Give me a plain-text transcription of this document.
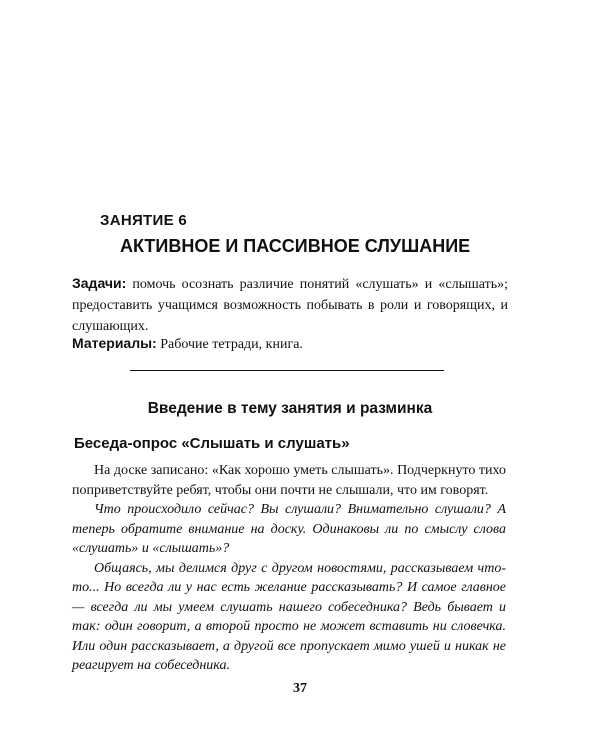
ЗАНЯТИЕ 6
АКТИВНОЕ И ПАССИВНОЕ СЛУШАНИЕ
Задачи: помочь осознать различие понятий «слушать» и «слышать»; предоставить учащимся возможность побывать в роли и говорящих, и слушающих.
Материалы: Рабочие тетради, книга.
Введение в тему занятия и разминка
Беседа-опрос «Слышать и слушать»

На доске записано: «Как хорошо уметь слышать». Подчеркнуто тихо поприветствуйте ребят, чтобы они почти не слышали, что им говорят.

Что происходило сейчас? Вы слушали? Внимательно слушали? А теперь обратите внимание на доску. Одинаковы ли по смыслу слова «слушать» и «слышать»?

Общаясь, мы делимся друг с другом новостями, рассказываем что-то... Но всегда ли у нас есть желание рассказывать? И самое главное — всегда ли мы умеем слушать нашего собеседника? Ведь бывает и так: один говорит, а второй просто не может вставить ни словечка. Или один рассказывает, а другой все пропускает мимо ушей и никак не реагирует на собеседника.

37
